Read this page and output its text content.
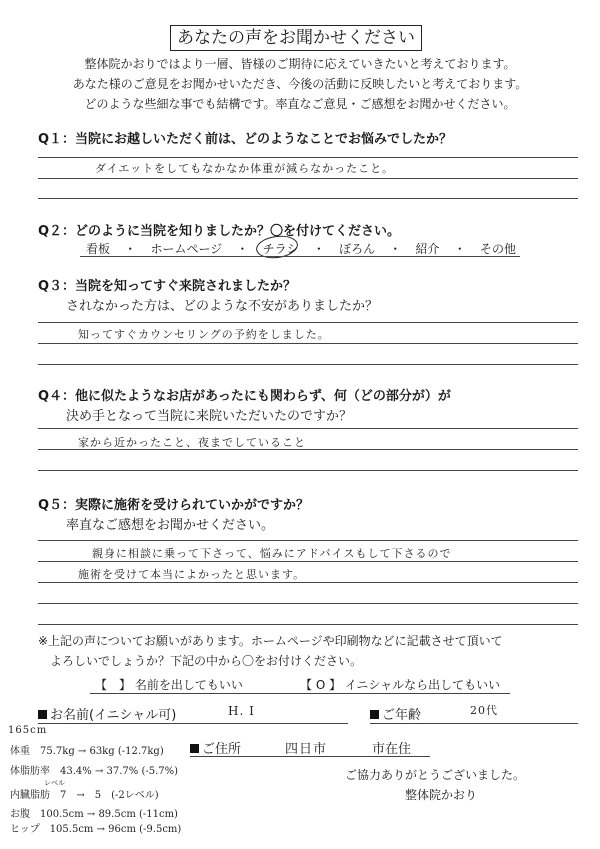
あなたの声をお聞かせください
整体院かおりではより一層、皆様のご期待に応えていきたいと考えております。
あなた様のご意見をお聞かせいただき、今後の活動に反映したいと考えております。
どのような些細な事でも結構です。率直なご意見・ご感想をお聞かせください。
Q１：当院にお越しいただく前は、どのようなことでお悩みでしたか？
ダイエットをしてもなかなか体重が減らなかったこと。
Q２：どのように当院を知りましたか？〇を付けてください。
看板 ・ ホームページ ・ チラシ ・ ぼろん ・ 紹介 ・ その他
Q３：当院を知ってすぐ来院されましたか？
されなかった方は、どのような不安がありましたか？
知ってすぐカウンセリングの予約をしました。
Q４：他に似たようなお店があったにも関わらず、何（どの部分が）が
決め手となって当院に来院いただいたのですか？
家から近かったこと、夜までしていること
Q５：実際に施術を受けられていかがですか？
率直なご感想をお聞かせください。
親身に相談に乗って下さって、悩みにアドバイスもして下さるので
施術を受けて本当によかったと思います。
※上記の声についてお願いがあります。ホームページや印刷物などに記載させて頂いて
よろしいでしょうか？下記の中から〇をお付けください。
【　】 名前を出してもいい	【 O 】 イニシャルなら出してもいい
お名前(イニシャル可)	H. I	ご年齢	20代
165cm
体重　75.7kg → 63kg (-12.7kg)
体脂肪率　43.4% → 37.7% (-5.7%)
レベル
内臓脂肪　7　→　5　(-2レベル)
お腹　100.5cm → 89.5cm (-11cm)
ヒップ　105.5cm → 96cm (-9.5cm)
ご住所	四日市	市在住
ご協力ありがとうございました。
整体院かおり
